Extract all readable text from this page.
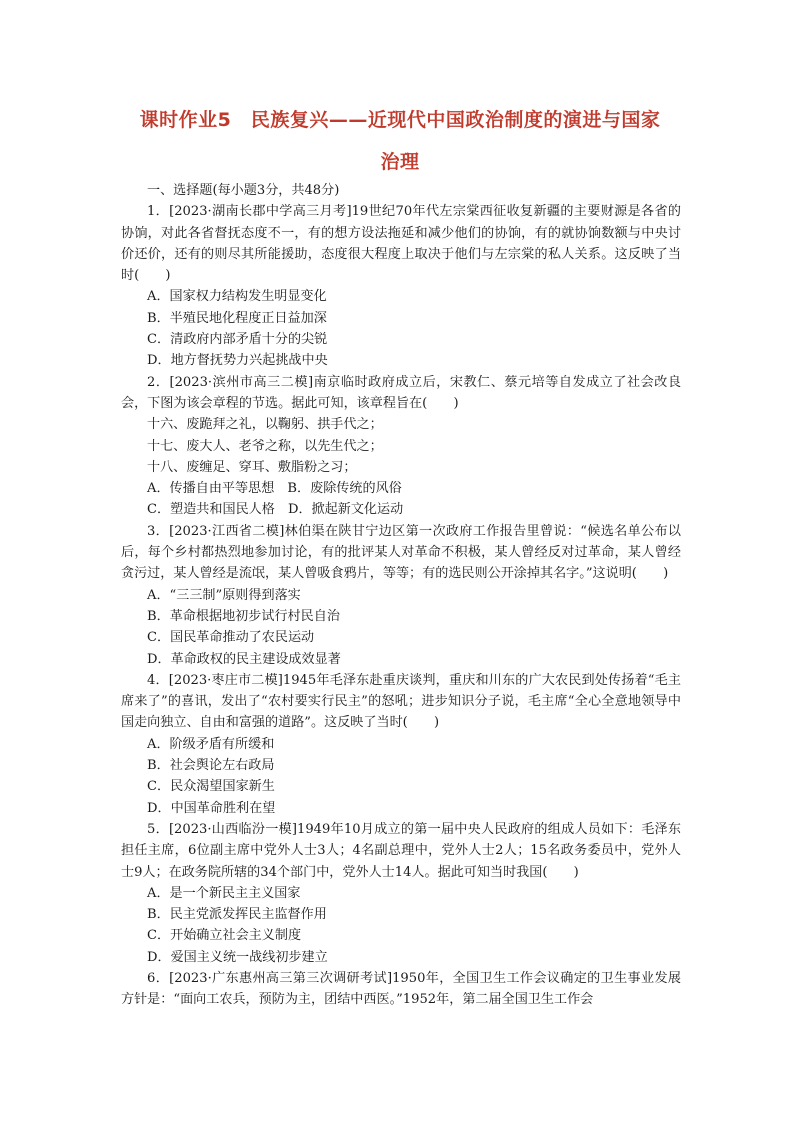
课时作业5　民族复兴——近现代中国政治制度的演进与国家
治理

一、选择题(每小题3分，共48分)

1．[2023·湖南长郡中学高三月考]19世纪70年代左宗棠西征收复新疆的主要财源是各省的协饷，对此各省督抚态度不一，有的想方设法拖延和减少他们的协饷，有的就协饷数额与中央讨价还价，还有的则尽其所能援助，态度很大程度上取决于他们与左宗棠的私人关系。这反映了当时(　　)

A．国家权力结构发生明显变化

B．半殖民地化程度正日益加深

C．清政府内部矛盾十分的尖锐

D．地方督抚势力兴起挑战中央

2．[2023·滨州市高三二模]南京临时政府成立后，宋教仁、蔡元培等自发成立了社会改良会，下图为该会章程的节选。据此可知，该章程旨在(　　)

十六、废跪拜之礼，以鞠躬、拱手代之；

十七、废大人、老爷之称，以先生代之；

十八、废缠足、穿耳、敷脂粉之习；

A．传播自由平等思想　B．废除传统的风俗

C．塑造共和国民人格　D．掀起新文化运动

3．[2023·江西省二模]林伯渠在陕甘宁边区第一次政府工作报告里曾说：“候选名单公布以后，每个乡村都热烈地参加讨论，有的批评某人对革命不积极，某人曾经反对过革命，某人曾经贪污过，某人曾经是流氓，某人曾吸食鸦片，等等；有的选民则公开涂掉其名字。”这说明(　　)

A．“三三制”原则得到落实

B．革命根据地初步试行村民自治

C．国民革命推动了农民运动

D．革命政权的民主建设成效显著

4．[2023·枣庄市二模]1945年毛泽东赴重庆谈判，重庆和川东的广大农民到处传扬着“毛主席来了”的喜讯，发出了“农村要实行民主”的怒吼；进步知识分子说，毛主席“全心全意地领导中国走向独立、自由和富强的道路”。这反映了当时(　　)

A．阶级矛盾有所缓和

B．社会舆论左右政局

C．民众渴望国家新生

D．中国革命胜利在望

5．[2023·山西临汾一模]1949年10月成立的第一届中央人民政府的组成人员如下：毛泽东担任主席，6位副主席中党外人士3人；4名副总理中，党外人士2人；15名政务委员中，党外人士9人；在政务院所辖的34个部门中，党外人士14人。据此可知当时我国(　　)

A．是一个新民主主义国家

B．民主党派发挥民主监督作用

C．开始确立社会主义制度

D．爱国主义统一战线初步建立

6．[2023·广东惠州高三第三次调研考试]1950年，全国卫生工作会议确定的卫生事业发展方针是：“面向工农兵，预防为主，团结中西医。”1952年，第二届全国卫生工作会
